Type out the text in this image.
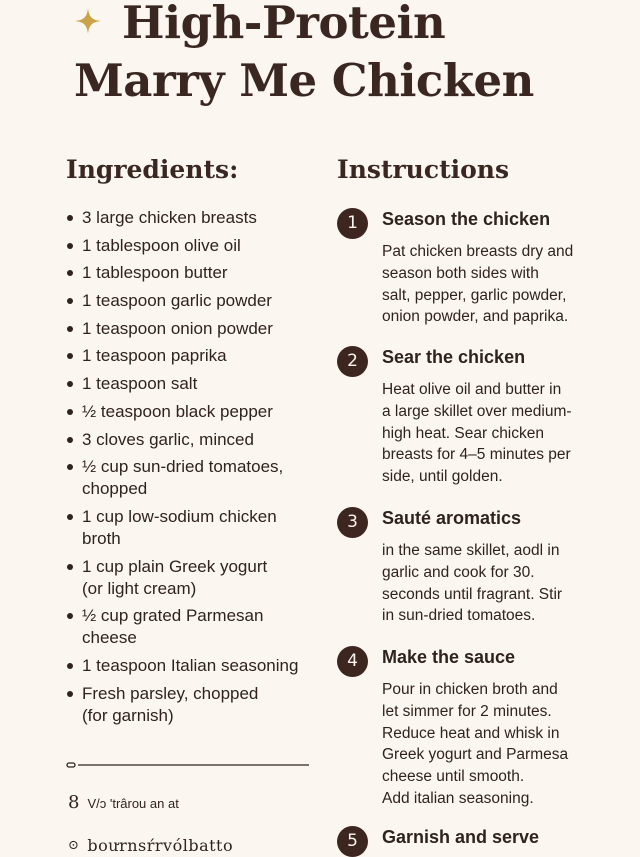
High-Protein
Marry Me Chicken
Ingredients:
3 large chicken breasts
1 tablespoon olive oil
1 tablespoon butter
1 teaspoon garlic powder
1 teaspoon onion powder
1 teaspoon paprika
1 teaspoon salt
½ teaspoon black pepper
3 cloves garlic, minced
½ cup sun-dried tomatoes,
chopped
1 cup low-sodium chicken
broth
1 cup plain Greek yogurt
(or light cream)
½ cup grated Parmesan
cheese
1 teaspoon Italian seasoning
Fresh parsley, chopped
(for garnish)
8 V/ɔ 'trârou an at
⊙ boưrnsŕrvólbatto
Instructions
1	Season the chicken
Pat chicken breasts dry and
season both sides with
salt, pepper, garlic powder,
onion powder, and paprika.
2	Sear the chicken
Heat olive oil and butter in
a large skillet over medium-
high heat. Sear chicken
breasts for 4–5 minutes per
side, until golden.
3	Sauté aromatics
in the same skillet, aodl in
garlic and cook for 30.
seconds until fragrant. Stir
in sun-dried tomatoes.
4	Make the sauce
Pour in chicken broth and
let simmer for 2 minutes.
Reduce heat and whisk in
Greek yogurt and Parmesa
cheese until smooth.
Add italian seasoning.
5	Garnish and serve
